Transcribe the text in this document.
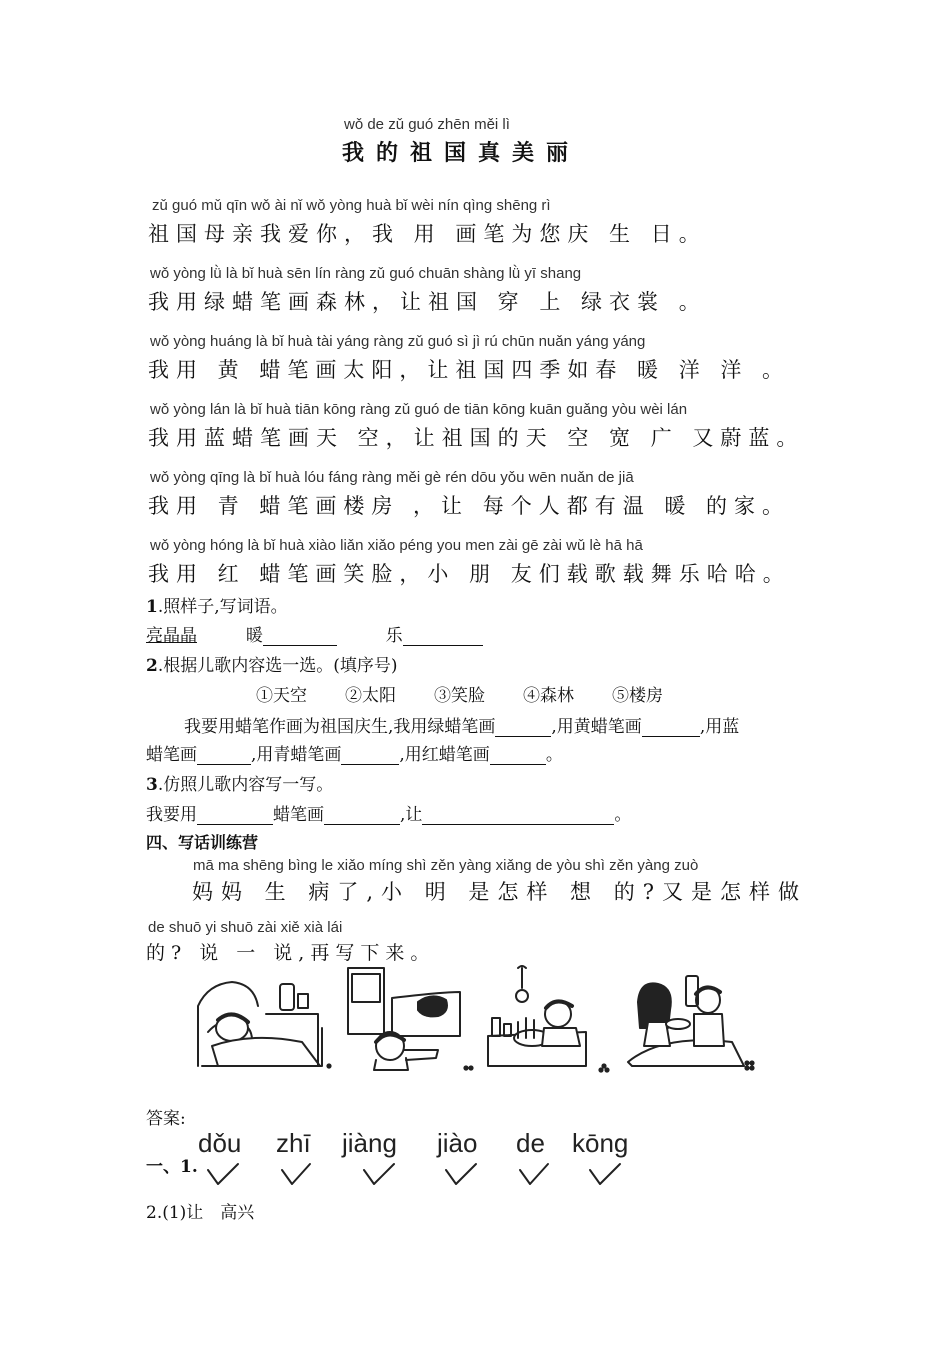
wǒ de zǔ guó zhēn měi lì
我的祖国真美丽
zǔ guó mǔ qīn wǒ ài nǐ wǒ yòng huà bǐ wèi nín qìng shēng rì
祖国母亲我爱你，我 用 画笔为您庆 生 日。
wǒ yòng lǜ là bǐ huà sēn lín ràng zǔ guó chuān shàng lǜ yī shang
我用绿蜡笔画森林，让祖国 穿 上 绿衣裳 。
wǒ yòng huáng là bǐ huà tài yáng ràng zǔ guó sì jì rú chūn nuǎn yáng yáng
我用 黄 蜡笔画太阳，让祖国四季如春 暖 洋 洋 。
wǒ yòng lán là bǐ huà tiān kōng ràng zǔ guó de tiān kōng kuān guǎng yòu wèi lán
我用蓝蜡笔画天 空，让祖国的天 空 宽 广 又蔚蓝。
wǒ yòng qīng là bǐ huà lóu fáng ràng měi gè rén dōu yǒu wēn nuǎn de jiā
我用 青 蜡笔画楼房 ，让 每个人都有温 暖 的家。
wǒ yòng hóng là bǐ huà xiào liǎn xiǎo péng you men zài gē zài wǔ lè hā hā
我用 红 蜡笔画笑脸，小 朋 友们载歌载舞乐哈哈。
1.照样子,写词语。
亮晶晶	暖	乐
2.根据儿歌内容选一选。(填序号)
①天空 ②太阳 ③笑脸 ④森林 ⑤楼房
我要用蜡笔作画为祖国庆生,我用绿蜡笔画	,用黄蜡笔画	,用蓝
蜡笔画	,用青蜡笔画	,用红蜡笔画	。
3.仿照儿歌内容写一写。
我要用	蜡笔画	,让	。
四、写话训练营
mā ma shēng bìng le xiǎo míng shì zěn yàng xiǎng de yòu shì zěn yàng zuò
妈妈 生 病了,小 明 是怎样 想 的?又是怎样做
de shuō yi shuō zài xiě xià lái
的? 说 一 说,再写下来。
答案:
一、1.
dǒu zhī jiàng jiào de kōng
2.(1)让　高兴
